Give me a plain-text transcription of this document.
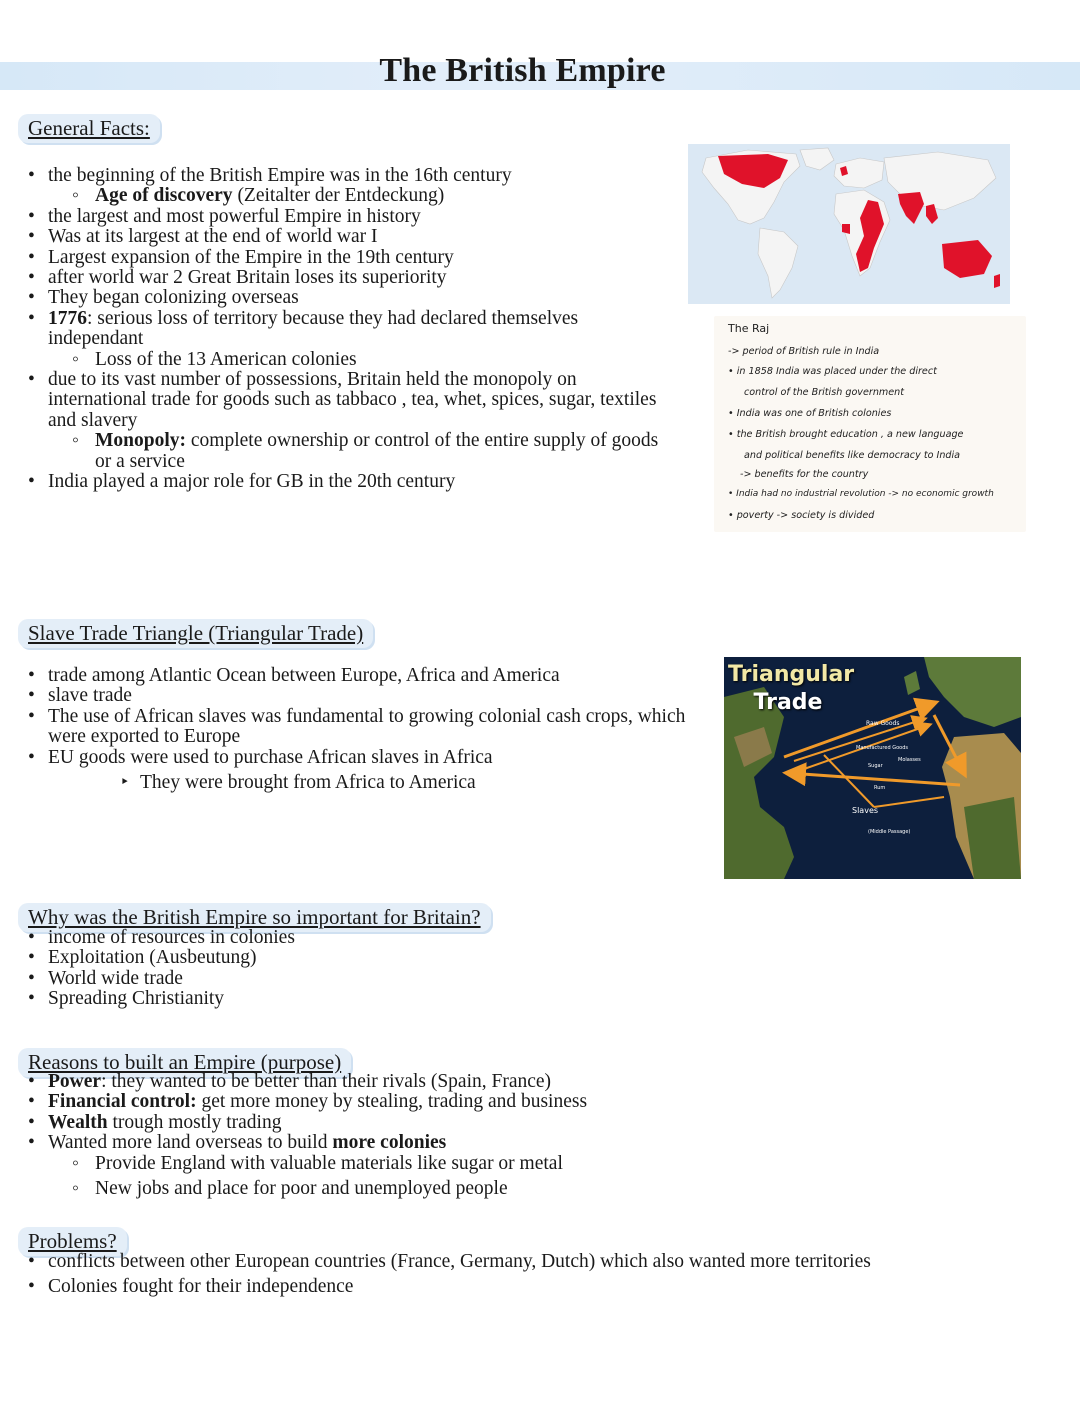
The British Empire
General Facts:
• the beginning of the British Empire was in the 16th century
◦ Age of discovery (Zeitalter der Entdeckung)
• the largest and most powerful Empire in history
• Was at its largest at the end of world war I
• Largest expansion of the Empire in the 19th century
• after world war 2 Great Britain loses its superiority
• They began colonizing overseas
• 1776: serious loss of territory because they had declared themselves independant
◦ Loss of the 13 American colonies
• due to its vast number of possessions, Britain held the monopoly on international trade for goods such as tabbaco , tea, whet, spices, sugar, textiles and slavery
◦ Monopoly: complete ownership or control of the entire supply of goods or a service
• India played a major role for GB in the 20th century
The Raj
-> period of British rule in India
• in 1858 India was placed under the direct
control of the British government
• India was one of British colonies
• the British brought education , a new language
and political benefits like democracy to India
-> benefits for the country
• India had no industrial revolution -> no economic growth
• poverty -> society is divided
Slave Trade Triangle (Triangular Trade)
• trade among Atlantic Ocean between Europe, Africa and America
• slave trade
• The use of African slaves was fundamental to growing colonial cash crops, which were exported to Europe
• EU goods were used to purchase African slaves in Africa
‣ They were brought from Africa to America
Raw Goods
Manufactured Goods
Sugar
Molasses
Rum
Slaves
(Middle Passage)
Triangular
Trade
Why was the British Empire so important for Britain?
• income of resources in colonies
• Exploitation (Ausbeutung)
• World wide trade
• Spreading Christianity
Reasons to built an Empire (purpose)
• Power: they wanted to be better than their rivals (Spain, France)
• Financial control: get more money by stealing, trading and business
• Wealth trough mostly trading
• Wanted more land overseas to build more colonies
◦ Provide England with valuable materials like sugar or metal
◦ New jobs and place for poor and unemployed people
Problems?
• conflicts between other European countries (France, Germany, Dutch) which also wanted more territories
• Colonies fought for their independence
